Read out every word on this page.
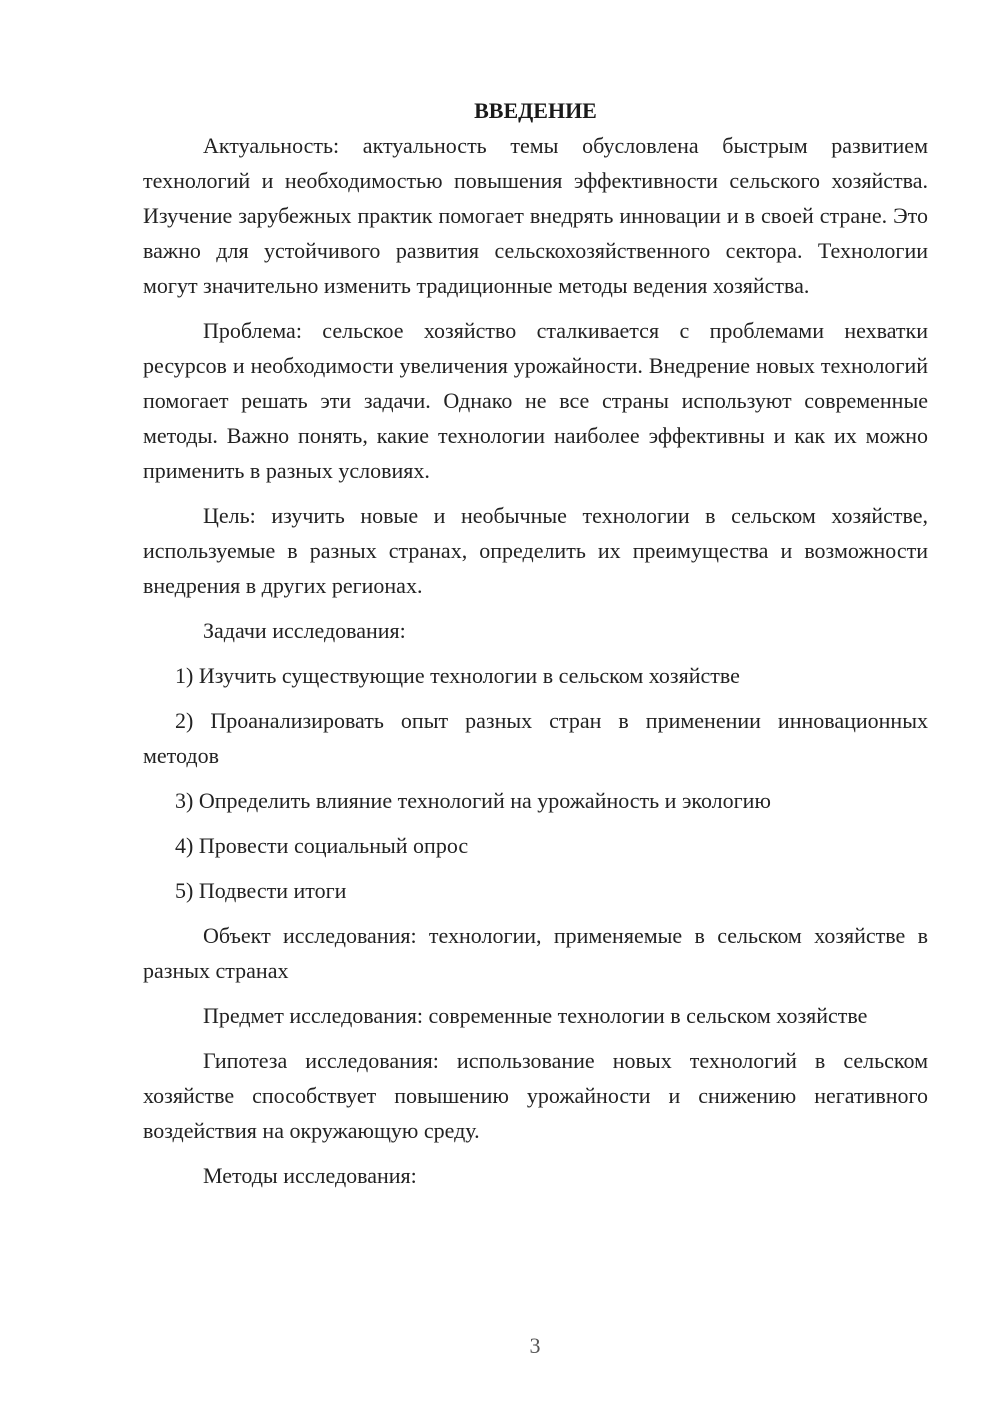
ВВЕДЕНИЕ

Актуальность: актуальность темы обусловлена быстрым развитием технологий и необходимостью повышения эффективности сельского хозяйства. Изучение зарубежных практик помогает внедрять инновации и в своей стране. Это важно для устойчивого развития сельскохозяйственного сектора. Технологии могут значительно изменить традиционные методы ведения хозяйства.

Проблема: сельское хозяйство сталкивается с проблемами нехватки ресурсов и необходимости увеличения урожайности. Внедрение новых технологий помогает решать эти задачи. Однако не все страны используют современные методы. Важно понять, какие технологии наиболее эффективны и как их можно применить в разных условиях.

Цель: изучить новые и необычные технологии в сельском хозяйстве, используемые в разных странах, определить их преимущества и возможности внедрения в других регионах.

Задачи исследования:

1) Изучить существующие технологии в сельском хозяйстве

2) Проанализировать опыт разных стран в применении инновационных методов

3) Определить влияние технологий на урожайность и экологию

4) Провести социальный опрос

5) Подвести итоги

Объект исследования: технологии, применяемые в сельском хозяйстве в разных странах

Предмет исследования: современные технологии в сельском хозяйстве

Гипотеза исследования: использование новых технологий в сельском хозяйстве способствует повышению урожайности и снижению негативного воздействия на окружающую среду.

Методы исследования:

3
